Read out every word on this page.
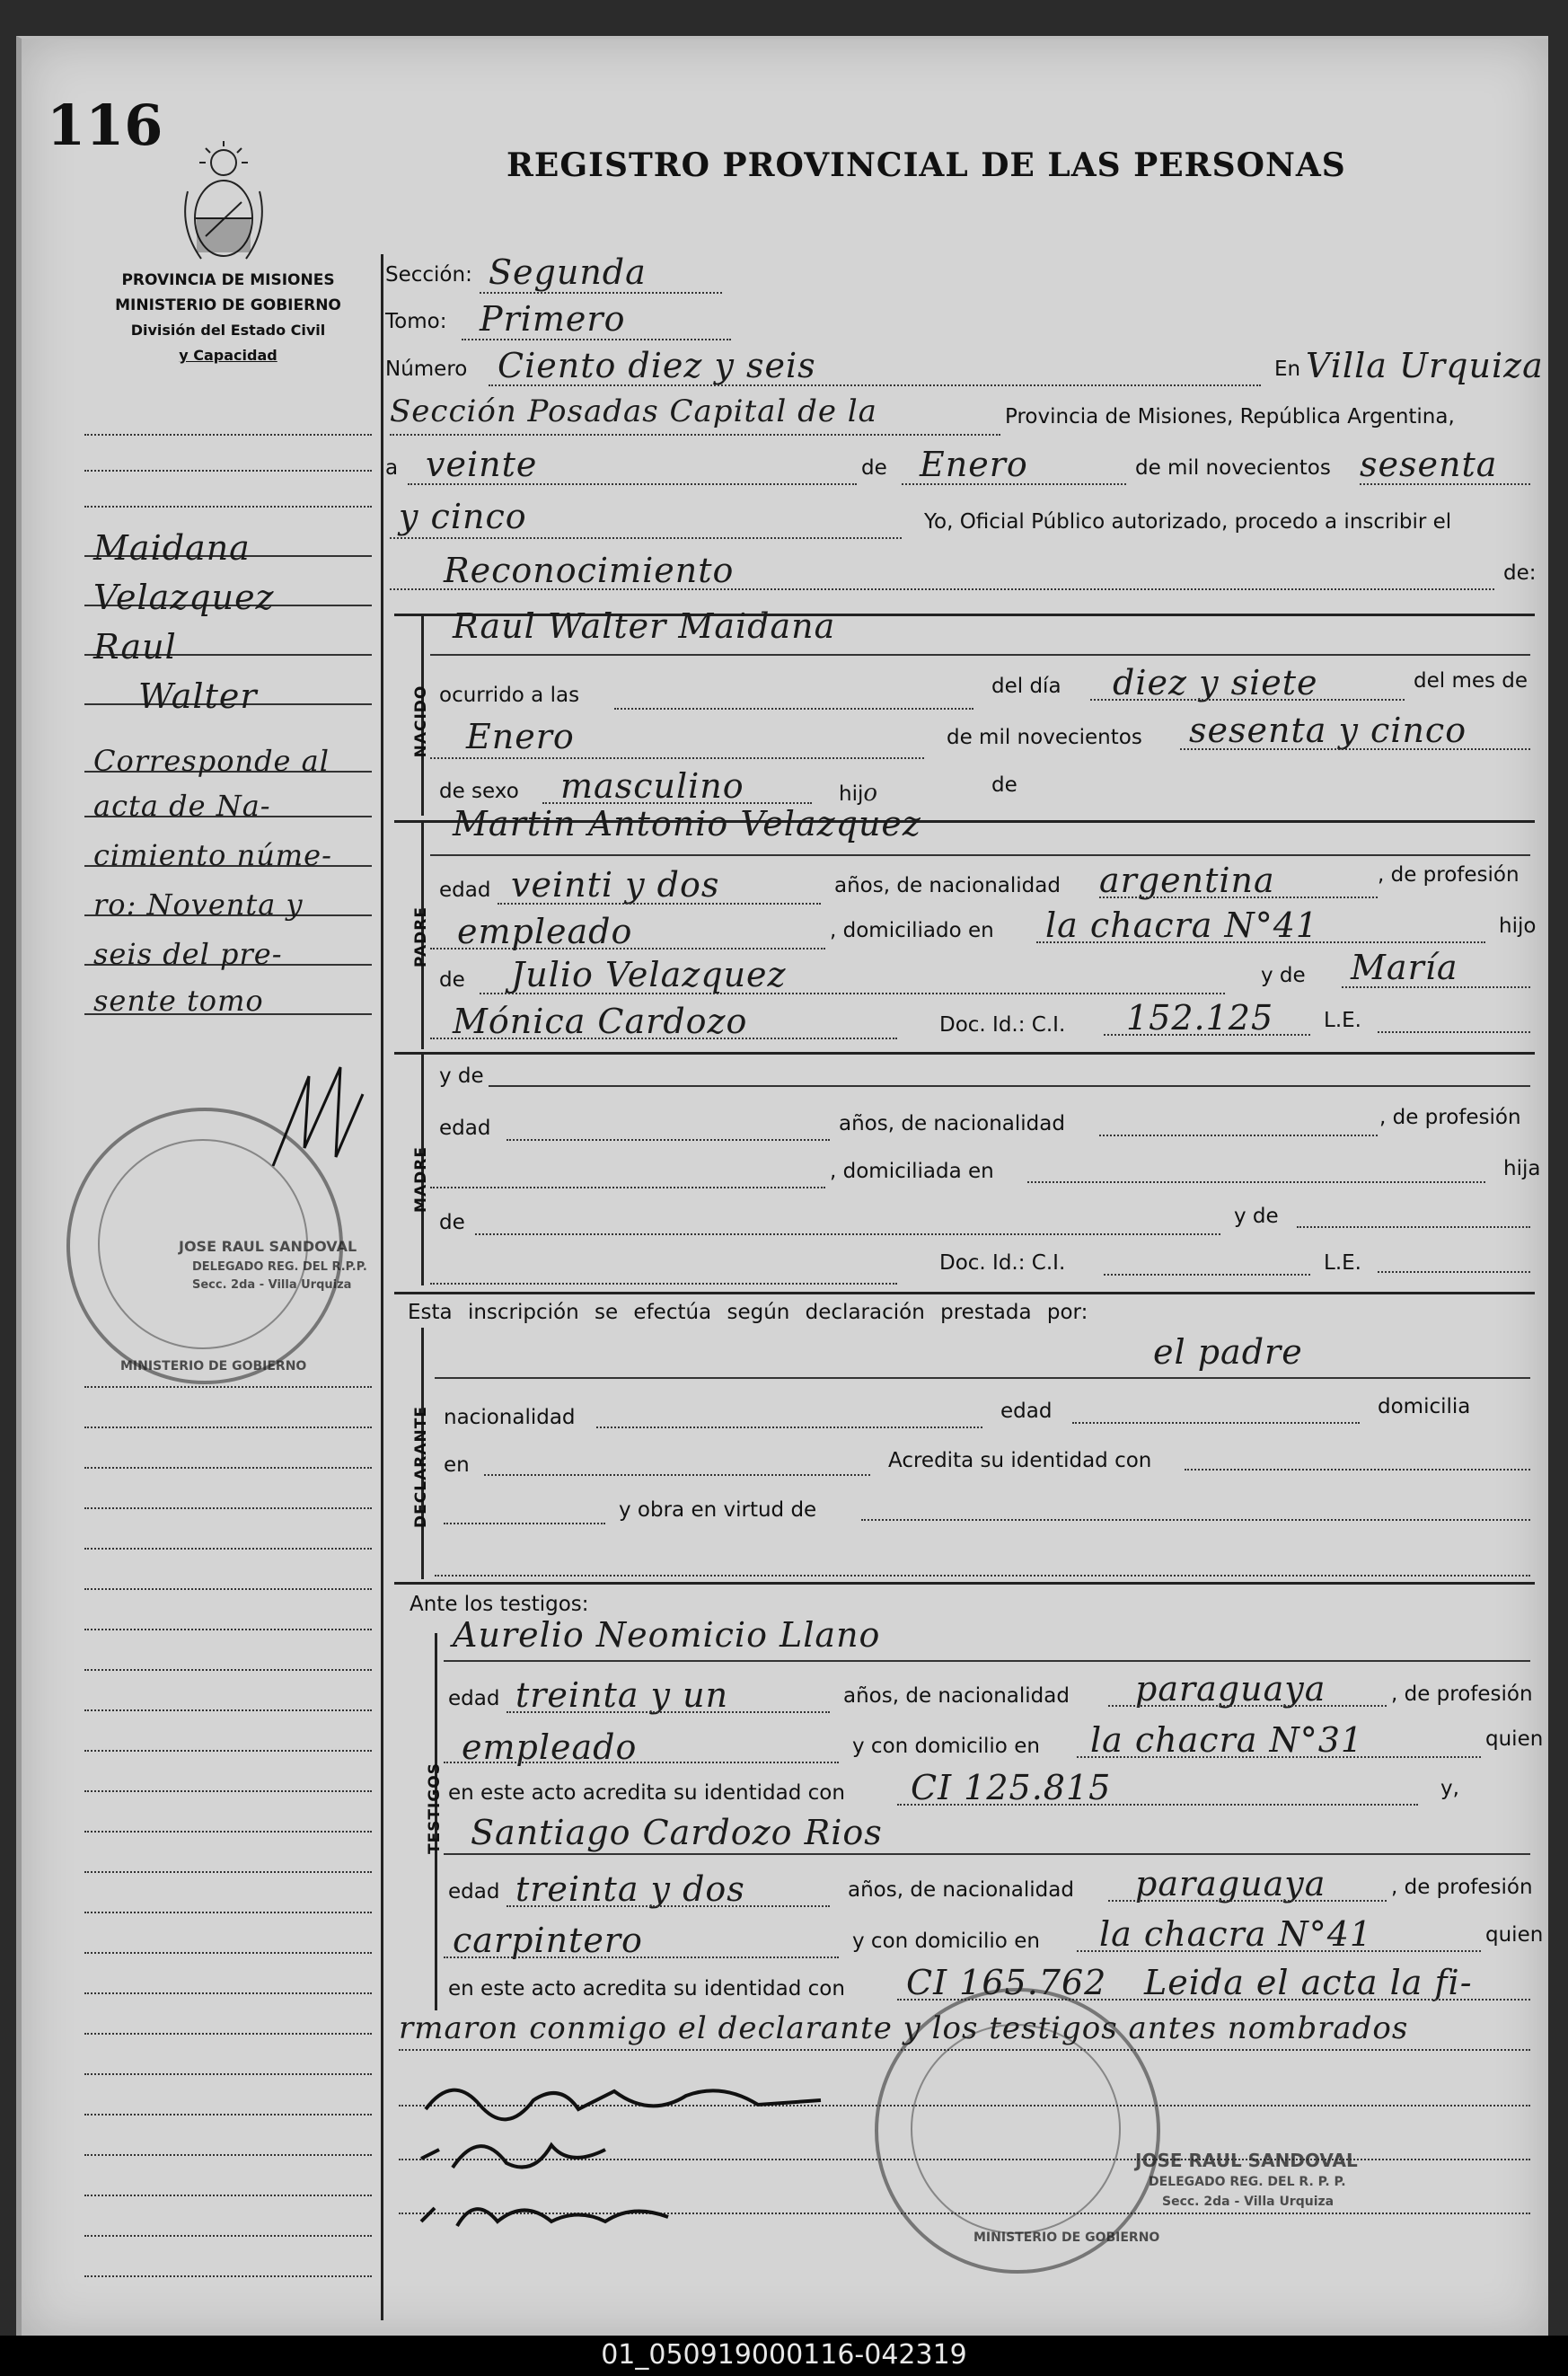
116
REGISTRO PROVINCIAL DE LAS PERSONAS
PROVINCIA DE MISIONES
MINISTERIO DE GOBIERNO
División del Estado Civil
y Capacidad
Maidana
Velazquez
Raul
Walter
Corresponde al
acta de Na-
cimiento núme-
ro: Noventa y
seis del pre-
sente tomo
Sección: Segunda
Tomo: Primero
Número Ciento diez y seis	En Villa Urquiza
Sección Posadas Capital de la	Provincia de Misiones, República Argentina,
a veinte	de Enero	de mil novecientos sesenta
y cinco	Yo, Oficial Público autorizado, procedo a inscribir el
Reconocimiento	de:
NACIDO
Raul Walter Maidana
ocurrido a las	del día diez y siete	del mes de
Enero	de mil novecientos sesenta y cinco
de sexo masculino	hijo	de
PADRE
Martin Antonio Velazquez
edad veinti y dos	años, de nacionalidad argentina	, de profesión
empleado	, domiciliado en la chacra N°41	hijo
de Julio Velazquez	y de María
Mónica Cardozo	Doc. Id.: C.I. 152.125 L.E.
MADRE
y de
edad	años, de nacionalidad	, de profesión
, domiciliada en	hija
de	y de
Doc. Id.: C.I.	L.E.
Esta inscripción se efectúa según declaración prestada por:
DECLARANTE
el padre
nacionalidad	edad	domicilia
en	Acredita su identidad con
y obra en virtud de
Ante los testigos:
TESTIGOS
Aurelio Neomicio Llano
edad treinta y un	años, de nacionalidad paraguaya	, de profesión
empleado	y con domicilio en la chacra N°31	quien
en este acto acredita su identidad con CI 125.815	y,
Santiago Cardozo Rios
edad treinta y dos	años, de nacionalidad paraguaya	, de profesión
carpintero	y con domicilio en la chacra N°41	quien
en este acto acredita su identidad con CI 165.762 Leida el acta la fi-
rmaron conmigo el declarante y los testigos antes nombrados
JOSE RAUL SANDOVAL
DELEGADO REG. DEL R.P.P.
Secc. 2da - Villa Urquiza
MINISTERIO DE GOBIERNO
MINISTERIO DE GOBIERNO
JOSE RAUL SANDOVAL
DELEGADO REG. DEL R. P. P.
Secc. 2da - Villa Urquiza
01_050919000116-042319
